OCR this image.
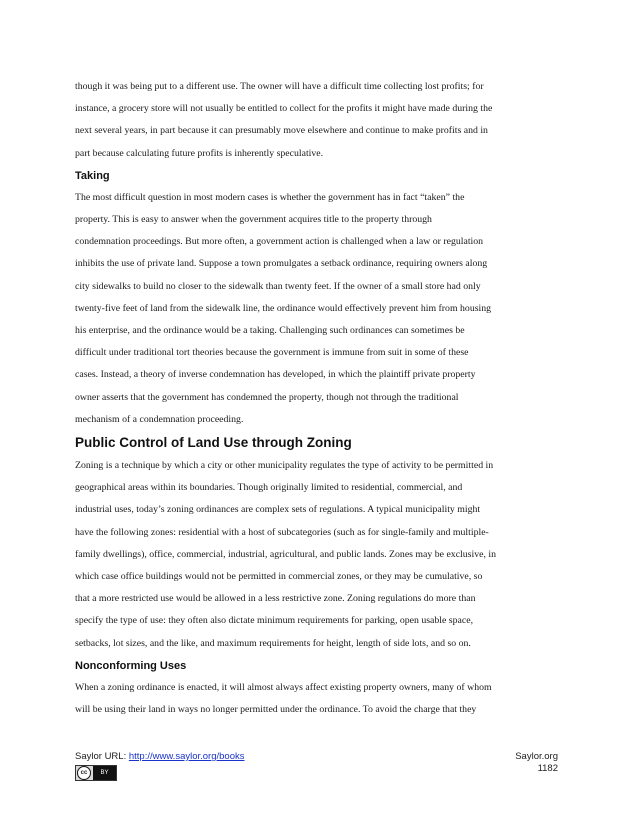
though it was being put to a different use. The owner will have a difficult time collecting lost profits; for
instance, a grocery store will not usually be entitled to collect for the profits it might have made during the
next several years, in part because it can presumably move elsewhere and continue to make profits and in
part because calculating future profits is inherently speculative.

Taking

The most difficult question in most modern cases is whether the government has in fact “taken” the
property. This is easy to answer when the government acquires title to the property through
condemnation proceedings. But more often, a government action is challenged when a law or regulation
inhibits the use of private land. Suppose a town promulgates a setback ordinance, requiring owners along
city sidewalks to build no closer to the sidewalk than twenty feet. If the owner of a small store had only
twenty-five feet of land from the sidewalk line, the ordinance would effectively prevent him from housing
his enterprise, and the ordinance would be a taking. Challenging such ordinances can sometimes be
difficult under traditional tort theories because the government is immune from suit in some of these
cases. Instead, a theory of inverse condemnation has developed, in which the plaintiff private property
owner asserts that the government has condemned the property, though not through the traditional
mechanism of a condemnation proceeding.

Public Control of Land Use through Zoning

Zoning is a technique by which a city or other municipality regulates the type of activity to be permitted in
geographical areas within its boundaries. Though originally limited to residential, commercial, and
industrial uses, today’s zoning ordinances are complex sets of regulations. A typical municipality might
have the following zones: residential with a host of subcategories (such as for single-family and multiple-
family dwellings), office, commercial, industrial, agricultural, and public lands. Zones may be exclusive, in
which case office buildings would not be permitted in commercial zones, or they may be cumulative, so
that a more restricted use would be allowed in a less restrictive zone. Zoning regulations do more than
specify the type of use: they often also dictate minimum requirements for parking, open usable space,
setbacks, lot sizes, and the like, and maximum requirements for height, length of side lots, and so on.

Nonconforming Uses

When a zoning ordinance is enacted, it will almost always affect existing property owners, many of whom
will be using their land in ways no longer permitted under the ordinance. To avoid the charge that they

Saylor URL: http://www.saylor.org/books
cc	BY
Saylor.org
1182
